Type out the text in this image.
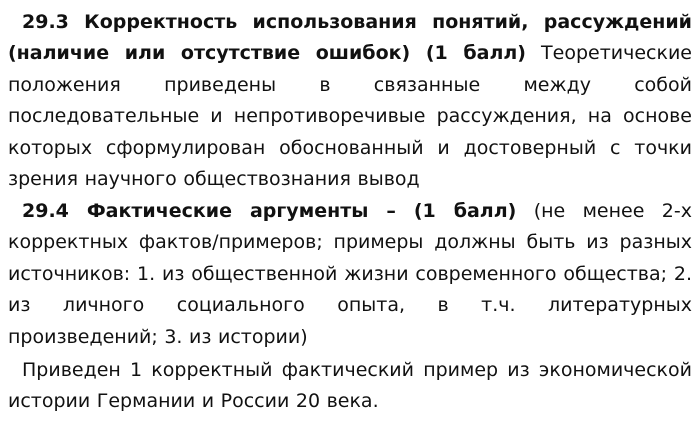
29.3 Корректность использования понятий, рассуждений (наличие или отсутствие ошибок) (1 балл) Теоретические положения приведены в связанные между собой последовательные и непротиворечивые рассуждения, на основе которых сформулирован обоснованный и достоверный с точки зрения научного обществознания вывод

29.4 Фактические аргументы – (1 балл) (не менее 2-х корректных фактов/примеров; примеры должны быть из разных источников: 1. из общественной жизни современного общества; 2. из личного социального опыта, в т.ч. литературных произведений; 3. из истории)

Приведен 1 корректный фактический пример из экономической истории Германии и России 20 века.
